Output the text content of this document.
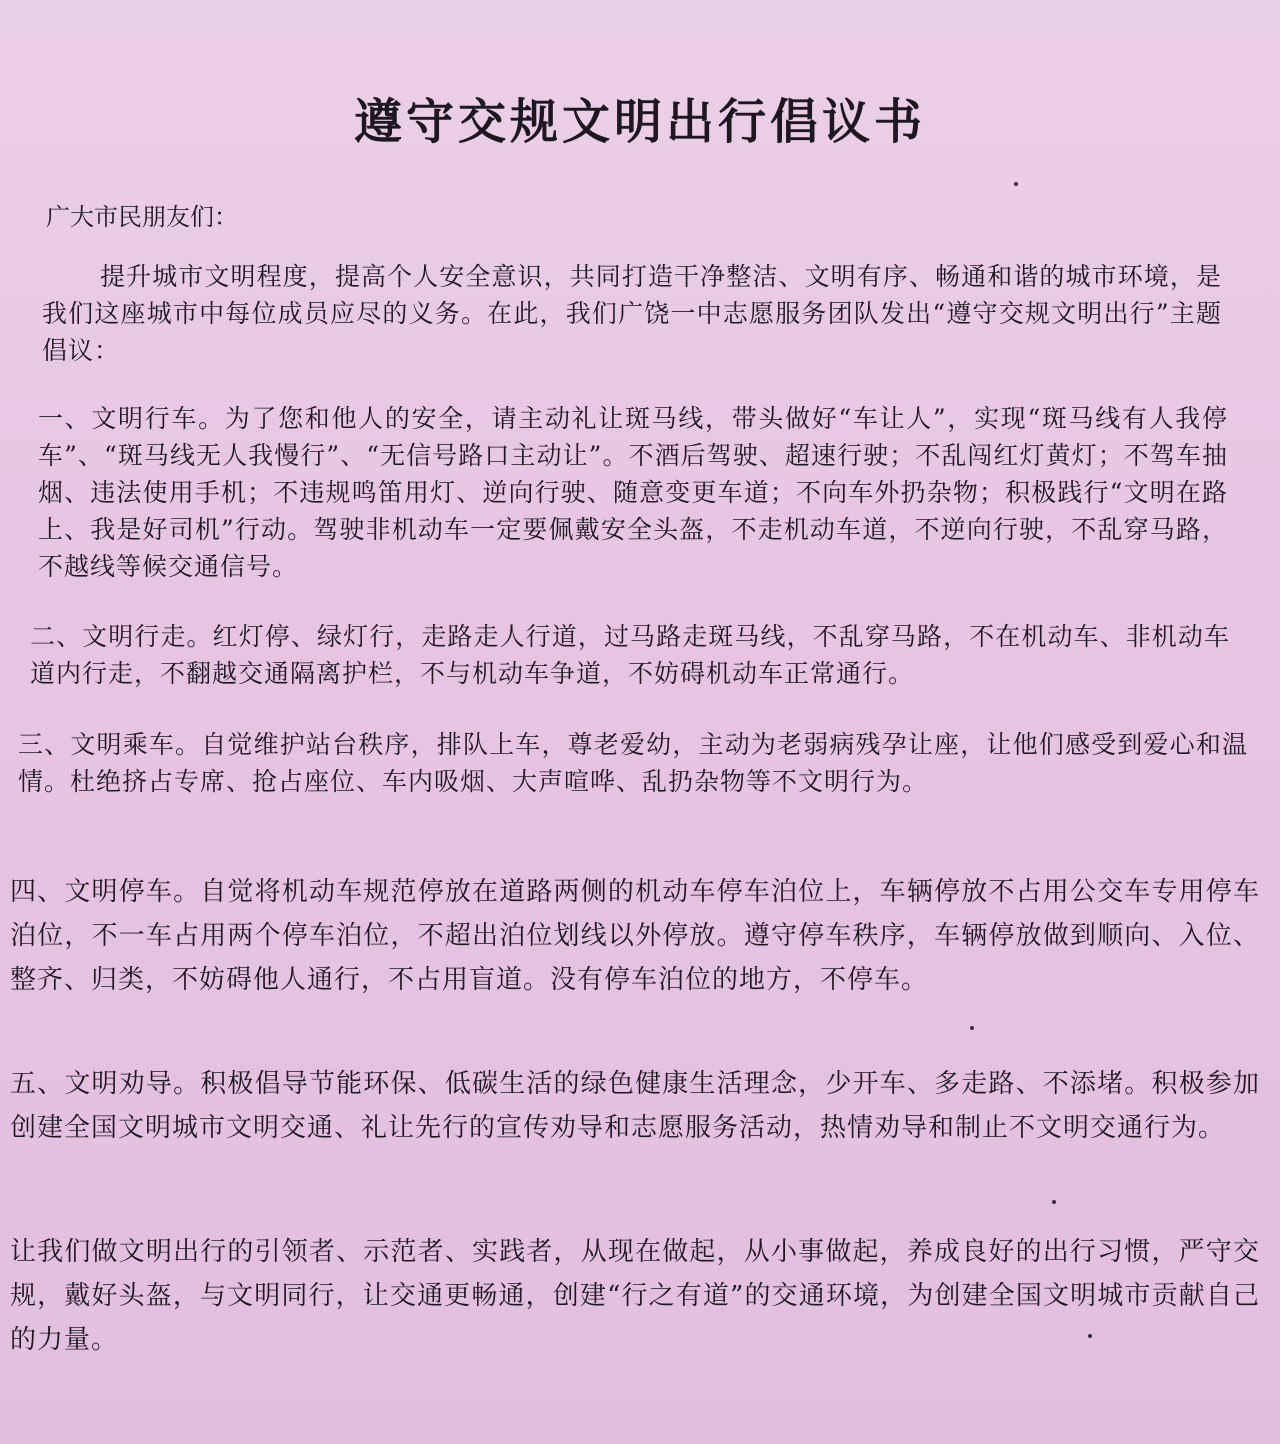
遵守交规文明出行倡议书
广大市民朋友们：

提升城市文明程度，提高个人安全意识，共同打造干净整洁、文明有序、畅通和谐的城市环境，是我们这座城市中每位成员应尽的义务。在此，我们广饶一中志愿服务团队发出“遵守交规文明出行”主题倡议：

一、文明行车。为了您和他人的安全，请主动礼让斑马线，带头做好“车让人”，实现“斑马线有人我停车”、“斑马线无人我慢行”、“无信号路口主动让”。不酒后驾驶、超速行驶；不乱闯红灯黄灯；不驾车抽烟、违法使用手机；不违规鸣笛用灯、逆向行驶、随意变更车道；不向车外扔杂物；积极践行“文明在路上、我是好司机”行动。驾驶非机动车一定要佩戴安全头盔，不走机动车道，不逆向行驶，不乱穿马路，不越线等候交通信号。

二、文明行走。红灯停、绿灯行，走路走人行道，过马路走斑马线，不乱穿马路，不在机动车、非机动车道内行走，不翻越交通隔离护栏，不与机动车争道，不妨碍机动车正常通行。

三、文明乘车。自觉维护站台秩序，排队上车，尊老爱幼，主动为老弱病残孕让座，让他们感受到爱心和温情。杜绝挤占专席、抢占座位、车内吸烟、大声喧哗、乱扔杂物等不文明行为。

四、文明停车。自觉将机动车规范停放在道路两侧的机动车停车泊位上，车辆停放不占用公交车专用停车泊位，不一车占用两个停车泊位，不超出泊位划线以外停放。遵守停车秩序，车辆停放做到顺向、入位、整齐、归类，不妨碍他人通行，不占用盲道。没有停车泊位的地方，不停车。

五、文明劝导。积极倡导节能环保、低碳生活的绿色健康生活理念，少开车、多走路、不添堵。积极参加创建全国文明城市文明交通、礼让先行的宣传劝导和志愿服务活动，热情劝导和制止不文明交通行为。

让我们做文明出行的引领者、示范者、实践者，从现在做起，从小事做起，养成良好的出行习惯，严守交规，戴好头盔，与文明同行，让交通更畅通，创建“行之有道”的交通环境，为创建全国文明城市贡献自己的力量。
